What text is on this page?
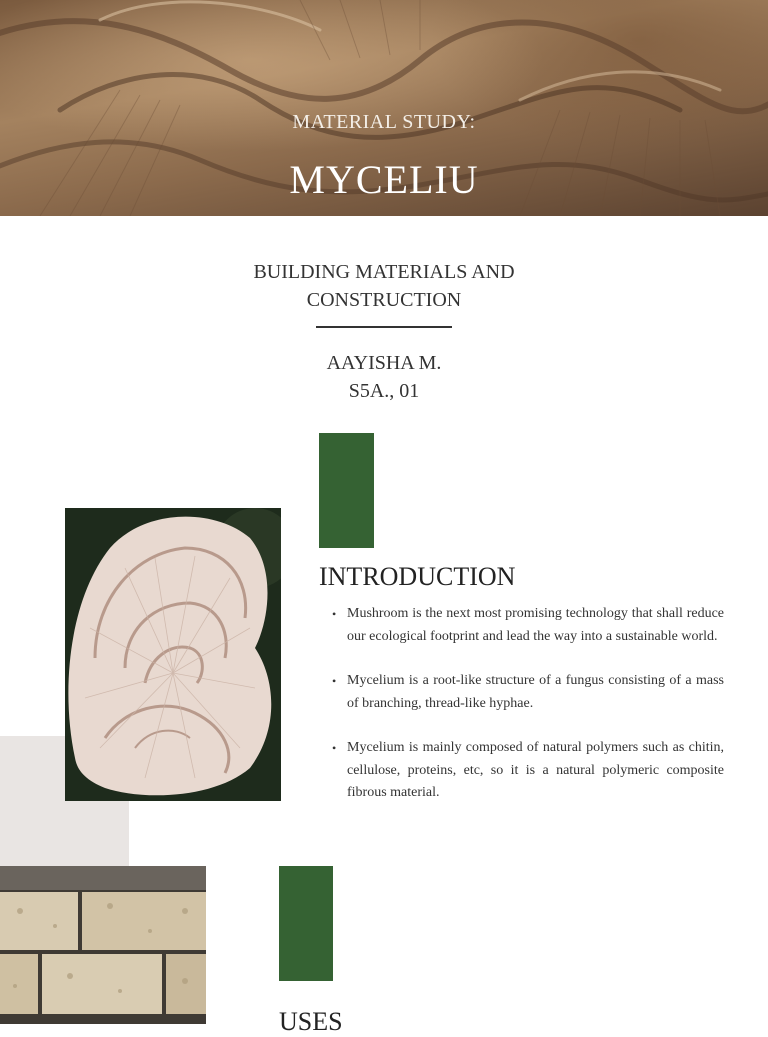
MATERIAL STUDY:
MYCELIU
BUILDING MATERIALS AND
CONSTRUCTION
AAYISHA M.
S5A., 01
INTRODUCTION
• Mushroom is the next most promising technology that shall reduce our ecological footprint and lead the way into a sustainable world.
• Mycelium is a root-like structure of a fungus consisting of a mass of branching, thread-like hyphae.
• Mycelium is mainly composed of natural polymers such as chitin, cellulose, proteins, etc, so it is a natural polymeric composite fibrous material.
USES
